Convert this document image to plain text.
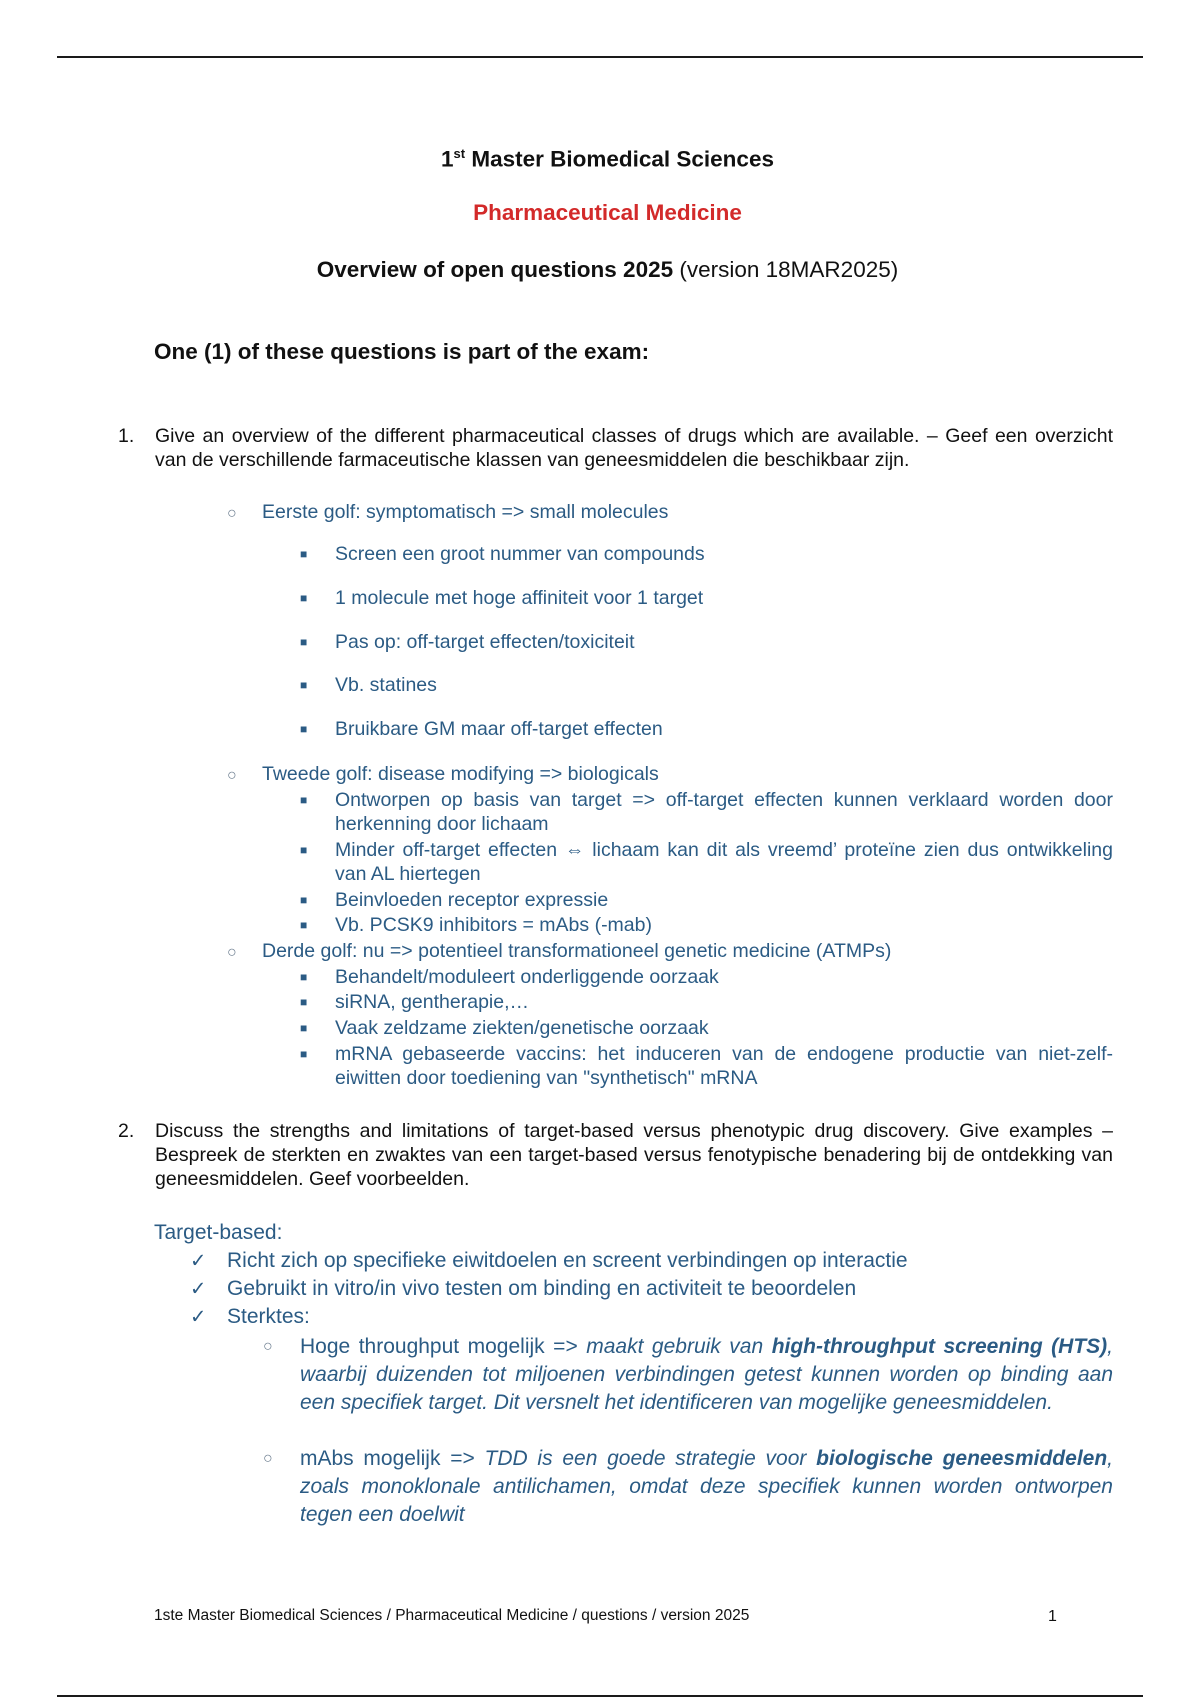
1st Master Biomedical Sciences
Pharmaceutical Medicine
Overview of open questions 2025 (version 18MAR2025)
One (1) of these questions is part of the exam:
1. Give an overview of the different pharmaceutical classes of drugs which are available. – Geef een overzicht van de verschillende farmaceutische klassen van geneesmiddelen die beschikbaar zijn.
○ Eerste golf: symptomatisch => small molecules
■ Screen een groot nummer van compounds
■ 1 molecule met hoge affiniteit voor 1 target
■ Pas op: off-target effecten/toxiciteit
■ Vb. statines
■ Bruikbare GM maar off-target effecten
○ Tweede golf: disease modifying => biologicals
■ Ontworpen op basis van target => off-target effecten kunnen verklaard worden door herkenning door lichaam
■ Minder off-target effecten ⇔ lichaam kan dit als vreemd’ proteïne zien dus ontwikkeling van AL hiertegen
■ Beinvloeden receptor expressie
■ Vb. PCSK9 inhibitors = mAbs (-mab)
○ Derde golf: nu => potentieel transformationeel genetic medicine (ATMPs)
■ Behandelt/moduleert onderliggende oorzaak
■ siRNA, gentherapie,…
■ Vaak zeldzame ziekten/genetische oorzaak
■ mRNA gebaseerde vaccins: het induceren van de endogene productie van niet-zelf-eiwitten door toediening van "synthetisch" mRNA
2. Discuss the strengths and limitations of target-based versus phenotypic drug discovery. Give examples – Bespreek de sterkten en zwaktes van een target-based versus fenotypische benadering bij de ontdekking van geneesmiddelen. Geef voorbeelden.
Target-based:
✓ Richt zich op specifieke eiwitdoelen en screent verbindingen op interactie
✓ Gebruikt in vitro/in vivo testen om binding en activiteit te beoordelen
✓ Sterktes:
○ Hoge throughput mogelijk => maakt gebruik van high-throughput screening (HTS), waarbij duizenden tot miljoenen verbindingen getest kunnen worden op binding aan een specifiek target. Dit versnelt het identificeren van mogelijke geneesmiddelen.
○ mAbs mogelijk => TDD is een goede strategie voor biologische geneesmiddelen, zoals monoklonale antilichamen, omdat deze specifiek kunnen worden ontworpen tegen een doelwit
1ste Master Biomedical Sciences / Pharmaceutical Medicine / questions / version 2025	1
